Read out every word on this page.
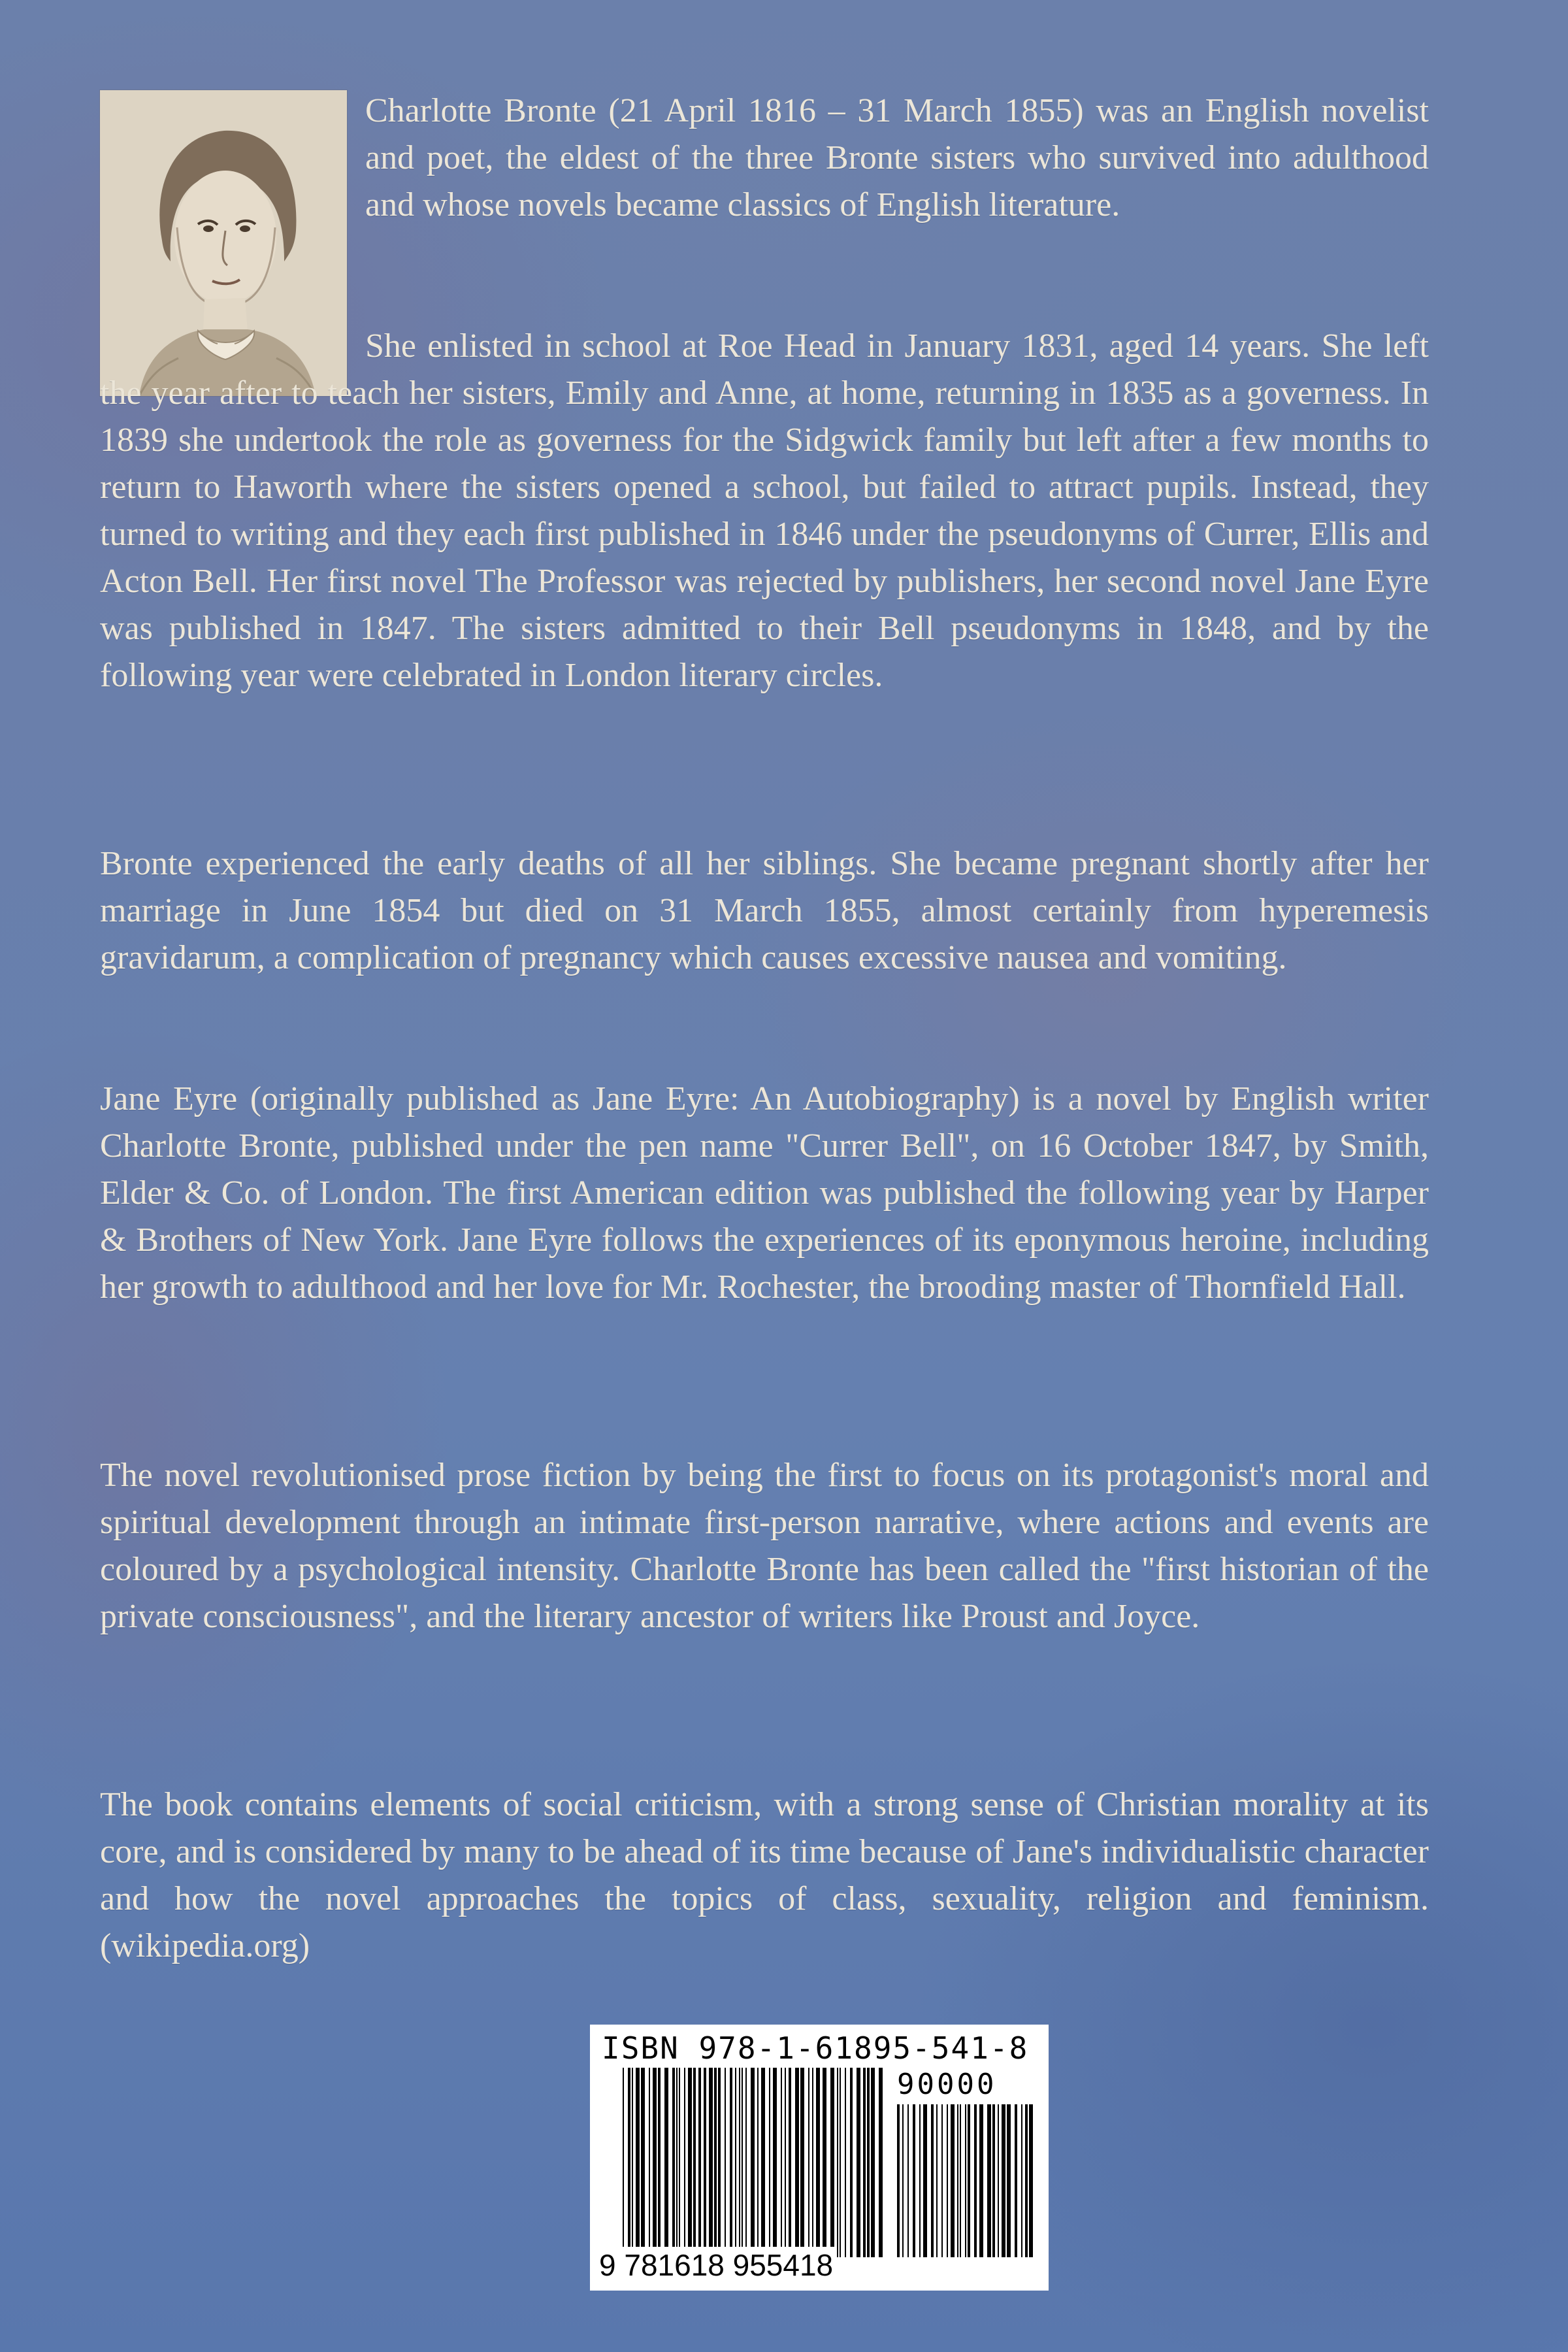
Charlotte Bronte (21 April 1816 – 31 March 1855) was an English novelist and poet, the eldest of the three Bronte sisters who survived into adulthood and whose novels became classics of English literature.

She enlisted in school at Roe Head in January 1831, aged 14 years. She left the year after to teach her sisters, Emily and Anne, at home, returning in 1835 as a governess. In 1839 she undertook the role as governess for the Sidgwick family but left after a few months to return to Haworth where the sisters opened a school, but failed to attract pupils. Instead, they turned to writing and they each first published in 1846 under the pseudonyms of Currer, Ellis and Acton Bell. Her first novel The Professor was rejected by publishers, her second novel Jane Eyre was published in 1847. The sisters admitted to their Bell pseudonyms in 1848, and by the following year were celebrated in London literary circles.

Bronte experienced the early deaths of all her siblings. She became pregnant shortly after her marriage in June 1854 but died on 31 March 1855, almost certainly from hyperemesis gravidarum, a complication of pregnancy which causes excessive nausea and vomiting.

Jane Eyre (originally published as Jane Eyre: An Autobiography) is a novel by English writer Charlotte Bronte, published under the pen name "Currer Bell", on 16 October 1847, by Smith, Elder & Co. of London. The first American edition was published the following year by Harper & Brothers of New York. Jane Eyre follows the experiences of its eponymous heroine, including her growth to adulthood and her love for Mr. Rochester, the brooding master of Thornfield Hall.

The novel revolutionised prose fiction by being the first to focus on its protagonist's moral and spiritual development through an intimate first-person narrative, where actions and events are coloured by a psychological intensity. Charlotte Bronte has been called the "first historian of the private consciousness", and the literary ancestor of writers like Proust and Joyce.

The book contains elements of social criticism, with a strong sense of Christian morality at its core, and is considered by many to be ahead of its time because of Jane's individualistic character and how the novel approaches the topics of class, sexuality, religion and feminism. (wikipedia.org)

ISBN 978-1-61895-541-8
90000
9 781618 955418
